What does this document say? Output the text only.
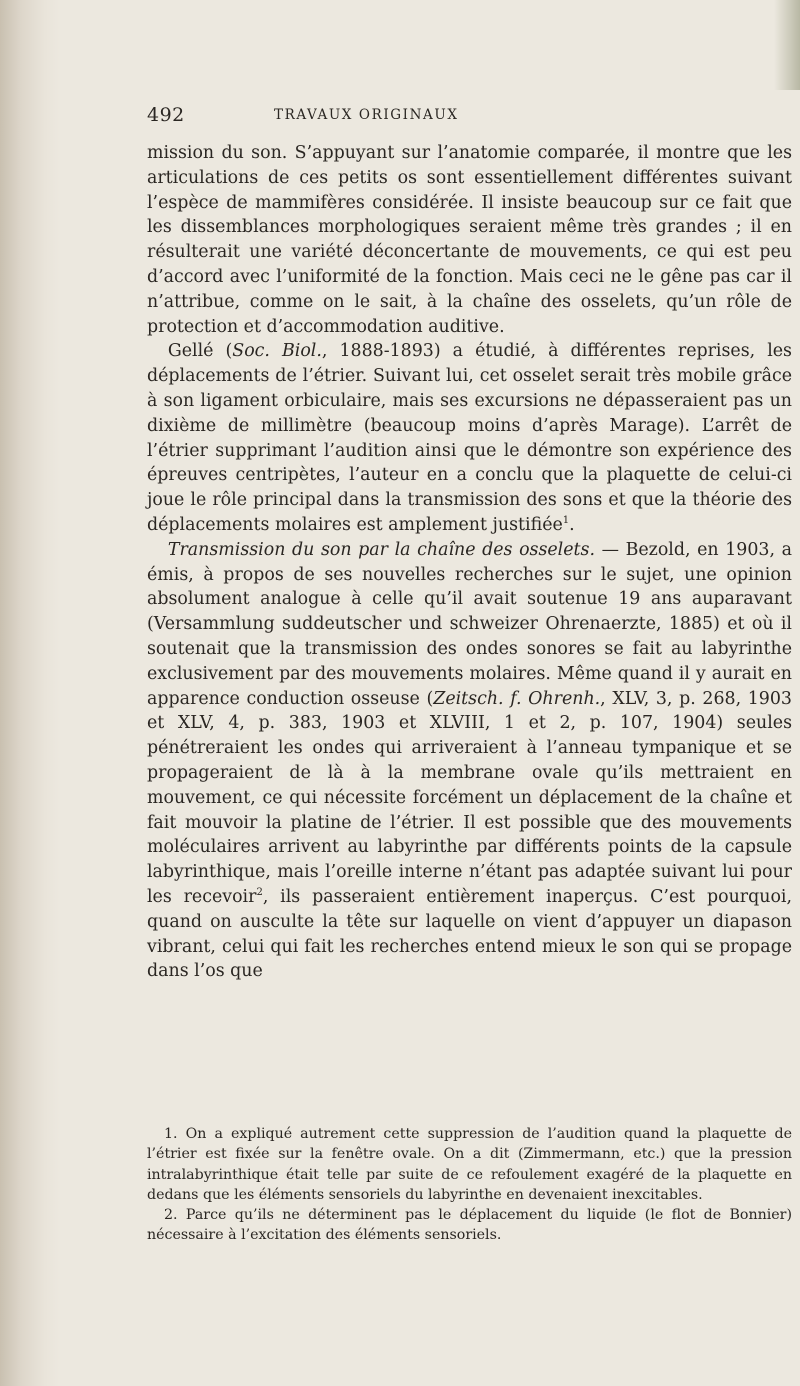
492	TRAVAUX ORIGINAUX

mission du son. S’appuyant sur l’anatomie comparée, il montre que les articulations de ces petits os sont essentiellement différentes suivant l’espèce de mammifères considérée. Il insiste beaucoup sur ce fait que les dissemblances morphologiques seraient même très grandes ; il en résulterait une variété déconcertante de mouvements, ce qui est peu d’accord avec l’uniformité de la fonction. Mais ceci ne le gêne pas car il n’attribue, comme on le sait, à la chaîne des osselets, qu’un rôle de protection et d’accommodation auditive.

Gellé (Soc. Biol., 1888-1893) a étudié, à différentes reprises, les déplacements de l’étrier. Suivant lui, cet osselet serait très mobile grâce à son ligament orbiculaire, mais ses excursions ne dépasseraient pas un dixième de millimètre (beaucoup moins d’après Marage). L’arrêt de l’étrier supprimant l’audition ainsi que le démontre son expérience des épreuves centripètes, l’auteur en a conclu que la plaquette de celui-ci joue le rôle principal dans la transmission des sons et que la théorie des déplacements molaires est amplement justifiée$^1$.

Transmission du son par la chaîne des osselets. — Bezold, en 1903, a émis, à propos de ses nouvelles recherches sur le sujet, une opinion absolument analogue à celle qu’il avait soutenue 19 ans auparavant (Versammlung suddeutscher und schweizer Ohrenaerzte, 1885) et où il soutenait que la transmission des ondes sonores se fait au labyrinthe exclusivement par des mouvements molaires. Même quand il y aurait en apparence conduction osseuse (Zeitsch. f. Ohrenh., XLV, 3, p. 268, 1903 et XLV, 4, p. 383, 1903 et XLVIII, 1 et 2, p. 107, 1904) seules pénétreraient les ondes qui arriveraient à l’anneau tympanique et se propageraient de là à la membrane ovale qu’ils mettraient en mouvement, ce qui nécessite forcément un déplacement de la chaîne et fait mouvoir la platine de l’étrier. Il est possible que des mouvements moléculaires arrivent au labyrinthe par différents points de la capsule labyrinthique, mais l’oreille interne n’étant pas adaptée suivant lui pour les recevoir$^2$, ils passeraient entièrement inaperçus. C’est pourquoi, quand on ausculte la tête sur laquelle on vient d’appuyer un diapason vibrant, celui qui fait les recherches entend mieux le son qui se propage dans l’os que

1. On a expliqué autrement cette suppression de l’audition quand la plaquette de l’étrier est fixée sur la fenêtre ovale. On a dit (Zimmermann, etc.) que la pression intralabyrinthique était telle par suite de ce refoulement exagéré de la plaquette en dedans que les éléments sensoriels du labyrinthe en devenaient inexcitables.

2. Parce qu’ils ne déterminent pas le déplacement du liquide (le flot de Bonnier) nécessaire à l’excitation des éléments sensoriels.
